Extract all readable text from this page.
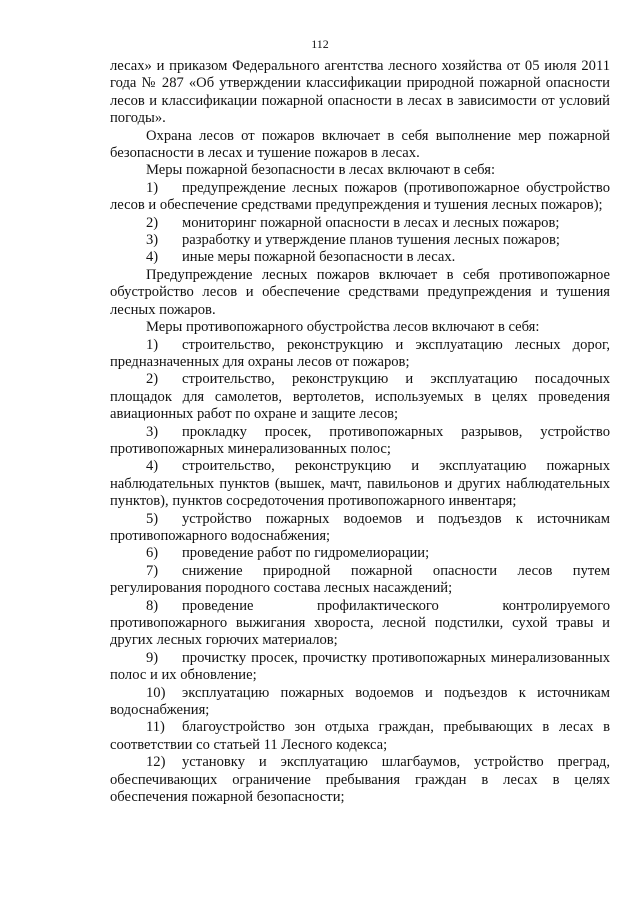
112

лесах» и приказом Федерального агентства лесного хозяйства от 05 июля 2011 года № 287 «Об утверждении классификации природной пожарной опасности лесов и классификации пожарной опасности в лесах в зависимости от условий погоды».

Охрана лесов от пожаров включает в себя выполнение мер пожарной безопасности в лесах и тушение пожаров в лесах.

Меры пожарной безопасности в лесах включают в себя:

1) предупреждение лесных пожаров (противопожарное обустройство лесов и обеспечение средствами предупреждения и тушения лесных пожаров);

2) мониторинг пожарной опасности в лесах и лесных пожаров;

3) разработку и утверждение планов тушения лесных пожаров;

4) иные меры пожарной безопасности в лесах.

Предупреждение лесных пожаров включает в себя противопожарное обустройство лесов и обеспечение средствами предупреждения и тушения лесных пожаров.

Меры противопожарного обустройства лесов включают в себя:

1) строительство, реконструкцию и эксплуатацию лесных дорог, предназначенных для охраны лесов от пожаров;

2) строительство, реконструкцию и эксплуатацию посадочных площадок для самолетов, вертолетов, используемых в целях проведения авиационных работ по охране и защите лесов;

3) прокладку просек, противопожарных разрывов, устройство противопожарных минерализованных полос;

4) строительство, реконструкцию и эксплуатацию пожарных наблюдательных пунктов (вышек, мачт, павильонов и других наблюдательных пунктов), пунктов сосредоточения противопожарного инвентаря;

5) устройство пожарных водоемов и подъездов к источникам противопожарного водоснабжения;

6) проведение работ по гидромелиорации;

7) снижение природной пожарной опасности лесов путем регулирования породного состава лесных насаждений;

8) проведение профилактического контролируемого противопожарного выжигания хвороста, лесной подстилки, сухой травы и других лесных горючих материалов;

9) прочистку просек, прочистку противопожарных минерализованных полос и их обновление;

10) эксплуатацию пожарных водоемов и подъездов к источникам водоснабжения;

11) благоустройство зон отдыха граждан, пребывающих в лесах в соответствии со статьей 11 Лесного кодекса;

12) установку и эксплуатацию шлагбаумов, устройство преград, обеспечивающих ограничение пребывания граждан в лесах в целях обеспечения пожарной безопасности;
